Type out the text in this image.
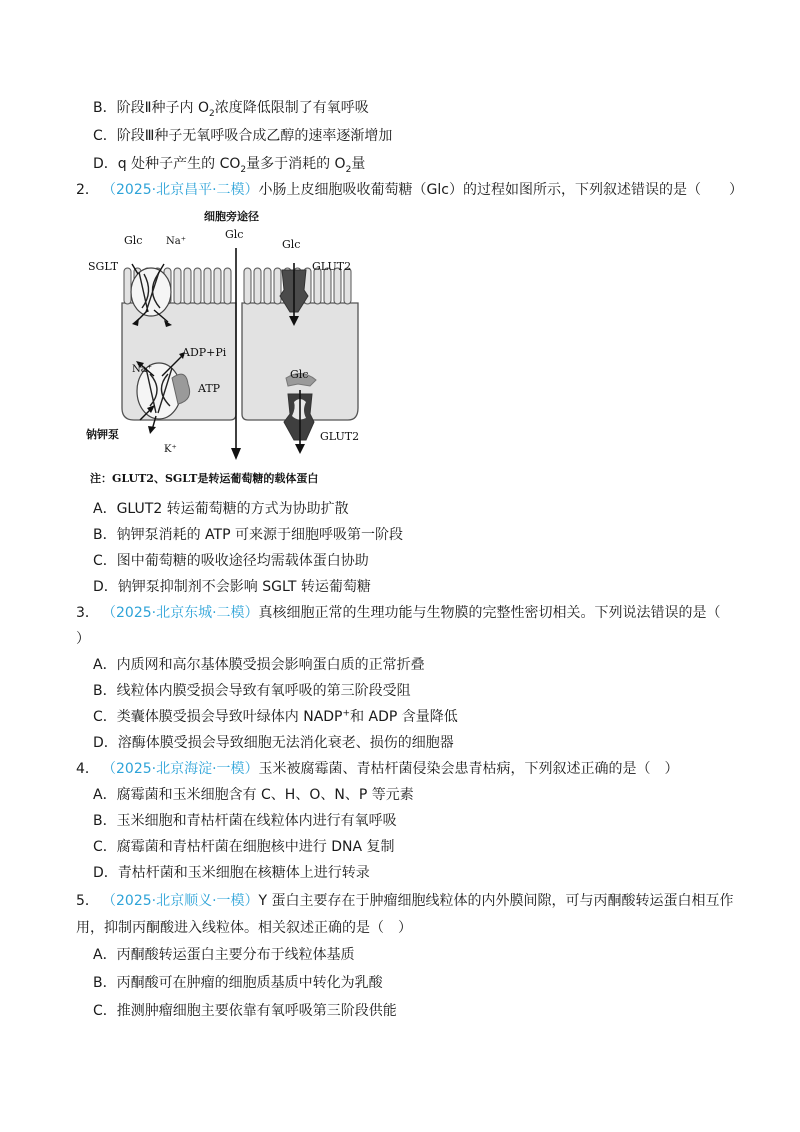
B．阶段Ⅱ种子内 $O_2$浓度降低限制了有氧呼吸
C．阶段Ⅲ种子无氧呼吸合成乙醇的速率逐渐增加
D．q 处种子产生的 $CO_2$量多于消耗的 $O_2$量
2． （2025·北京昌平·二模）小肠上皮细胞吸收葡萄糖（Glc）的过程如图所示，下列叙述错误的是（　　）
细胞旁途径
Glc
Glc Na⁺
SGLT
Glc
GLUT2
ADP+Pi
ATP
Na⁺
K⁺
钠钾泵
Glc
GLUT2
注：GLUT2、SGLT是转运葡萄糖的载体蛋白
A．GLUT2 转运葡萄糖的方式为协助扩散
B．钠钾泵消耗的 ATP 可来源于细胞呼吸第一阶段
C．图中葡萄糖的吸收途径均需载体蛋白协助
D．钠钾泵抑制剂不会影响 SGLT 转运葡萄糖
3． （2025·北京东城·二模）真核细胞正常的生理功能与生物膜的完整性密切相关。下列说法错误的是（
）
A．内质网和高尔基体膜受损会影响蛋白质的正常折叠
B．线粒体内膜受损会导致有氧呼吸的第三阶段受阻
C．类囊体膜受损会导致叶绿体内 NADP+和 ADP 含量降低
D．溶酶体膜受损会导致细胞无法消化衰老、损伤的细胞器
4． （2025·北京海淀·一模）玉米被腐霉菌、青枯杆菌侵染会患青枯病，下列叙述正确的是（　）
A．腐霉菌和玉米细胞含有 C、H、O、N、P 等元素
B．玉米细胞和青枯杆菌在线粒体内进行有氧呼吸
C．腐霉菌和青枯杆菌在细胞核中进行 DNA 复制
D．青枯杆菌和玉米细胞在核糖体上进行转录
5． （2025·北京顺义·一模）Y 蛋白主要存在于肿瘤细胞线粒体的内外膜间隙，可与丙酮酸转运蛋白相互作
用，抑制丙酮酸进入线粒体。相关叙述正确的是（　）
A．丙酮酸转运蛋白主要分布于线粒体基质
B．丙酮酸可在肿瘤的细胞质基质中转化为乳酸
C．推测肿瘤细胞主要依靠有氧呼吸第三阶段供能
